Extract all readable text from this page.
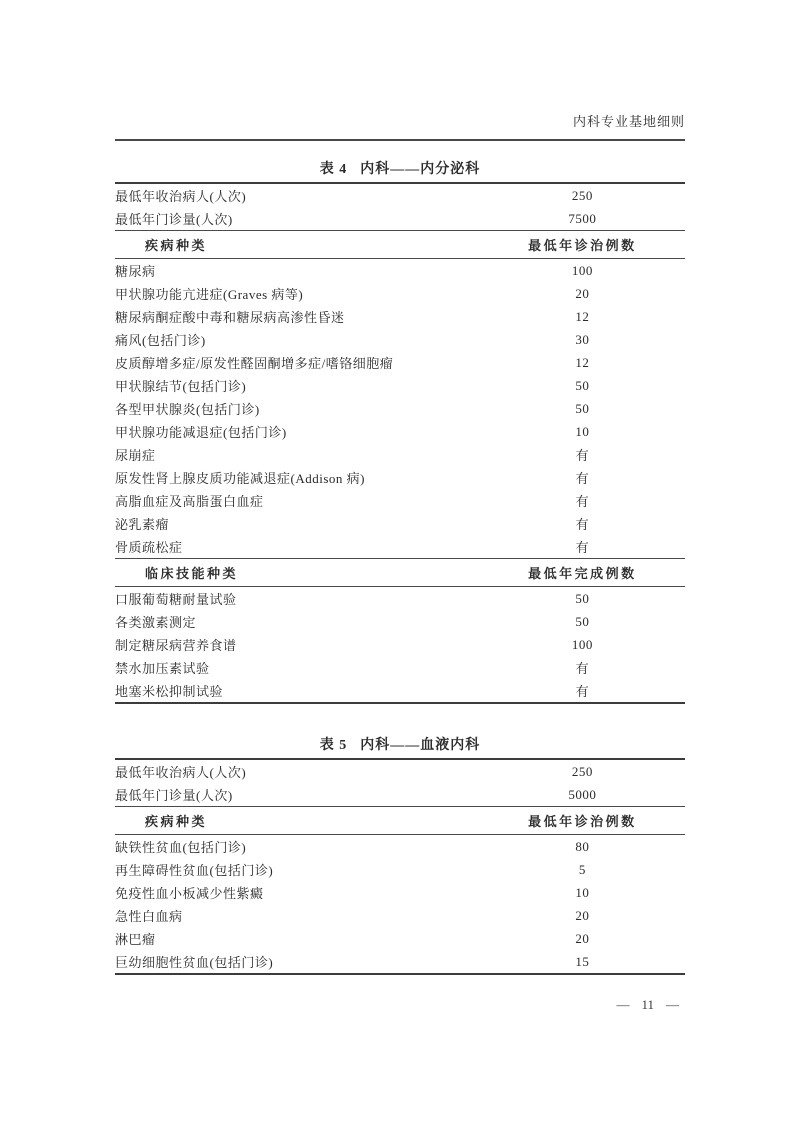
内科专业基地细则
表 4 内科——内分泌科
最低年收治病人(人次)	250
最低年门诊量(人次)	7500
疾病种类	最低年诊治例数
糖尿病	100
甲状腺功能亢进症(Graves 病等)	20
糖尿病酮症酸中毒和糖尿病高渗性昏迷	12
痛风(包括门诊)	30
皮质醇增多症/原发性醛固酮增多症/嗜铬细胞瘤	12
甲状腺结节(包括门诊)	50
各型甲状腺炎(包括门诊)	50
甲状腺功能减退症(包括门诊)	10
尿崩症	有
原发性肾上腺皮质功能减退症(Addison 病)	有
高脂血症及高脂蛋白血症	有
泌乳素瘤	有
骨质疏松症	有
临床技能种类	最低年完成例数
口服葡萄糖耐量试验	50
各类激素测定	50
制定糖尿病营养食谱	100
禁水加压素试验	有
地塞米松抑制试验	有
表 5 内科——血液内科
最低年收治病人(人次)	250
最低年门诊量(人次)	5000
疾病种类	最低年诊治例数
缺铁性贫血(包括门诊)	80
再生障碍性贫血(包括门诊)	5
免疫性血小板减少性紫癜	10
急性白血病	20
淋巴瘤	20
巨幼细胞性贫血(包括门诊)	15
— 11 —
